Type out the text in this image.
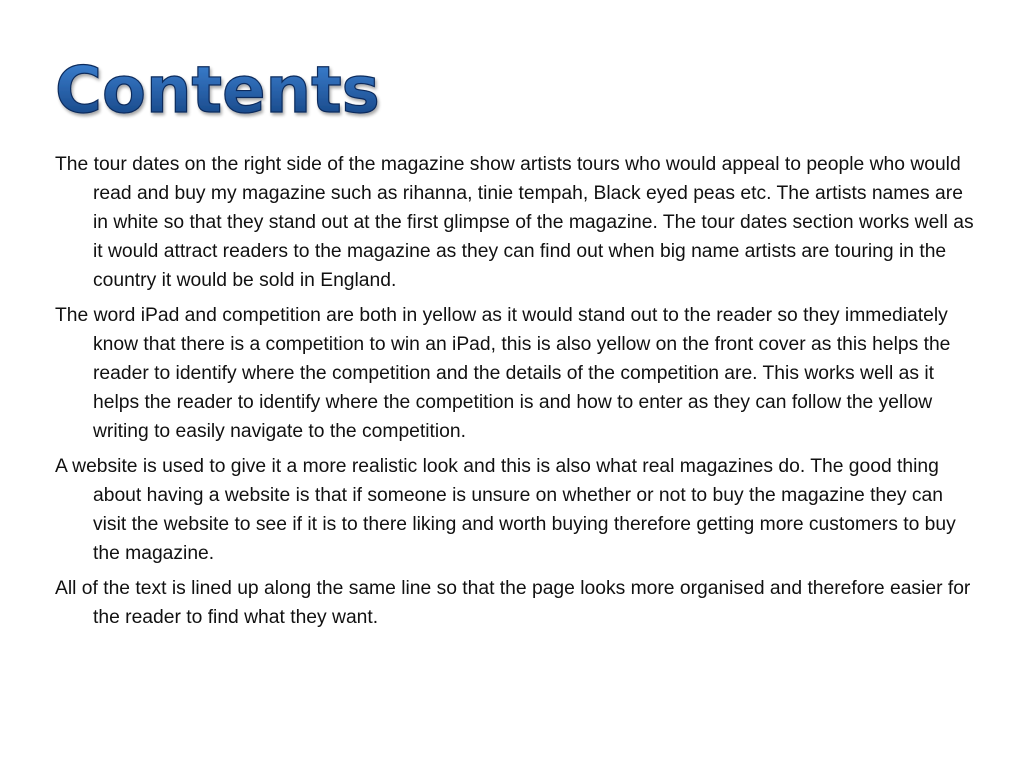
Contents

The tour dates on the right side of the magazine show artists tours who would appeal to people who would read and buy my magazine such as rihanna, tinie tempah, Black eyed peas etc. The artists names are in white so that they stand out at the first glimpse of the magazine. The tour dates section works well as it would attract readers to the magazine as they can find out when big name artists are touring in the country it would be sold in England.

The word iPad and competition are both in yellow as it would stand out to the reader so they immediately know that there is a competition to win an iPad, this is also yellow on the front cover as this helps the reader to identify where the competition and the details of the competition are. This works well as it helps the reader to identify where the competition is and how to enter as they can follow the yellow writing to easily navigate to the competition.

A website is used to give it a more realistic look and this is also what real magazines do. The good thing about having a website is that if someone is unsure on whether or not to buy the magazine they can visit the website to see if it is to there liking and worth buying therefore getting more customers to buy the magazine.

All of the text is lined up along the same line so that the page looks more organised and therefore easier for the reader to find what they want.
